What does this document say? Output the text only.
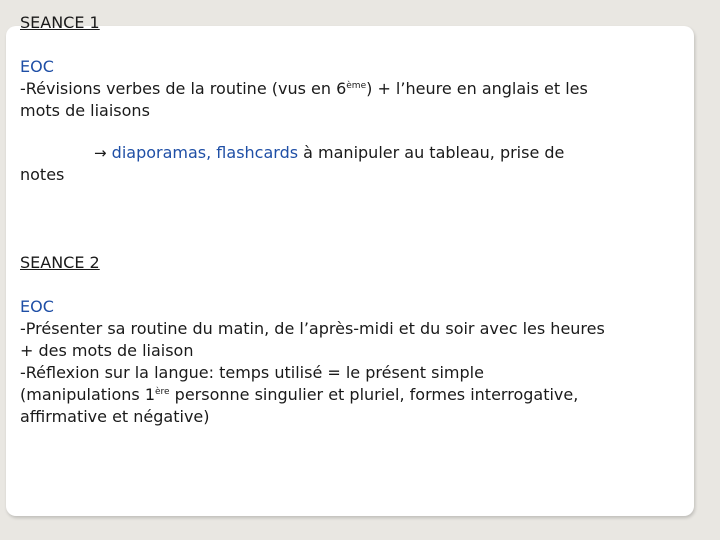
SEANCE 1

EOC

-Révisions verbes de la routine (vus en 6ème) + l’heure en anglais et les

mots de liaisons

→ diaporamas, flashcards à manipuler au tableau, prise de

notes

SEANCE 2

EOC

-Présenter sa routine du matin, de l’après-midi et du soir avec les heures

+ des mots de liaison

-Réflexion sur la langue: temps utilisé = le présent simple

(manipulations 1ère personne singulier et pluriel, formes interrogative,

affirmative et négative)
